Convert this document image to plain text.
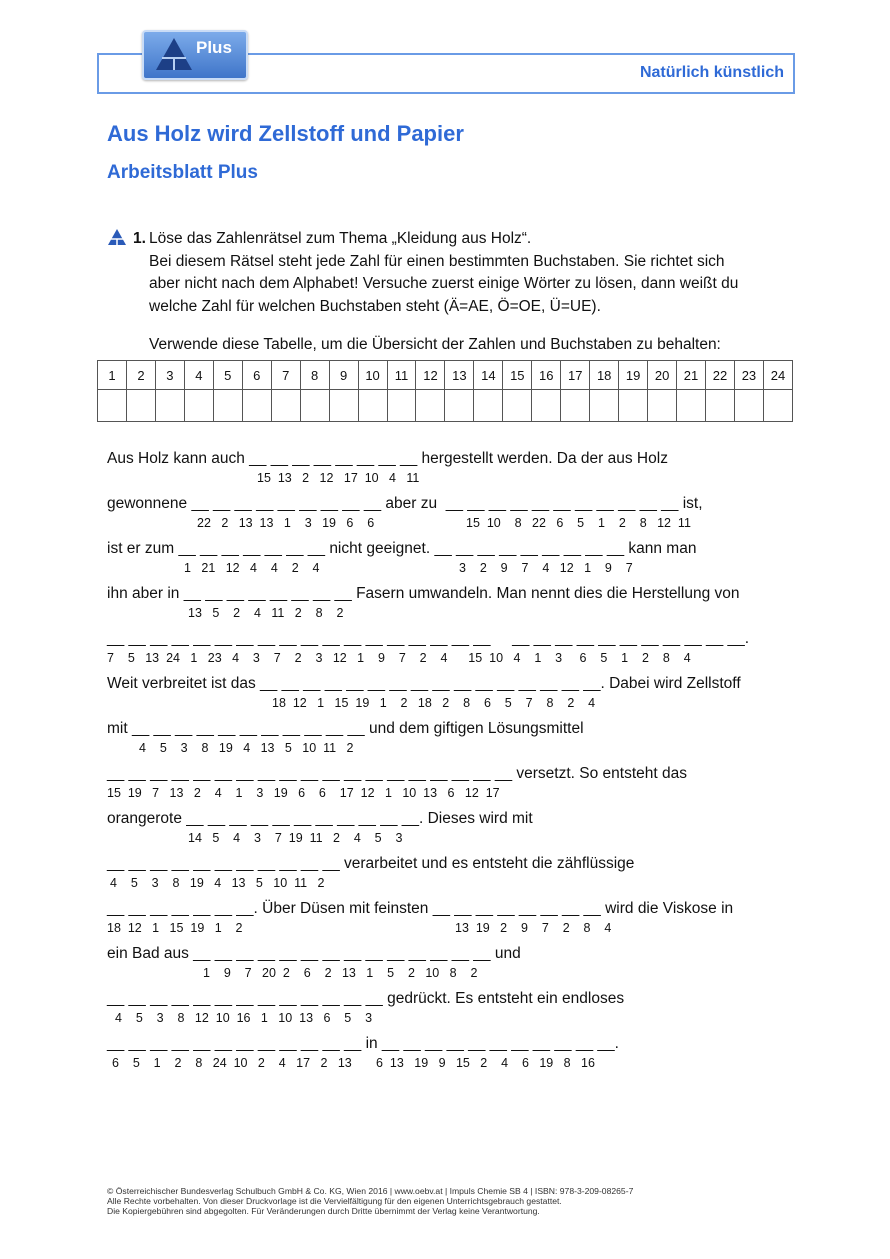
Plus
Natürlich künstlich
Aus Holz wird Zellstoff und Papier
Arbeitsblatt Plus
1. Löse das Zahlenrätsel zum Thema „Kleidung aus Holz“.
Bei diesem Rätsel steht jede Zahl für einen bestimmten Buchstaben. Sie richtet sich
aber nicht nach dem Alphabet! Versuche zuerst einige Wörter zu lösen, dann weißt du
welche Zahl für welchen Buchstaben steht (Ä=AE, Ö=OE, Ü=UE).
Verwende diese Tabelle, um die Übersicht der Zahlen und Buchstaben zu behalten:
1	2	3	4	5	6	7	8	9	10	11	12	13	14	15	16	17	18	19	20	21	22	23	24

Aus Holz kann auch __ __ __ __ __ __ __ __ hergestellt werden. Da der aus Holz
15  13   2   12   17  10   4   11
gewonnene __ __ __ __ __ __ __ __ __ aber zu  __ __ __ __ __ __ __ __ __ __ __ ist,
22   2   13  13   1    3   19   6    6	15  10    8   22   6    5    1    2    8   12  11
ist er zum __ __ __ __ __ __ __ nicht geeignet. __ __ __ __ __ __ __ __ __ kann man
1   21   12   4    4    2    4	3    2    9    7    4   12   1    9    7
ihn aber in __ __ __ __ __ __ __ __ Fasern umwandeln. Man nennt dies die Herstellung von
13   5    2    4   11   2    8    2
__ __ __ __ __ __ __ __ __ __ __ __ __ __ __ __ __ __     __ __ __ __ __ __ __ __ __ __ __.
7    5   13  24   1   23   4    3    7    2    3   12   1    9    7    2    4      15  10   4    1    3     6    5    1    2    8    4
Weit verbreitet ist das __ __ __ __ __ __ __ __ __ __ __ __ __ __ __ __. Dabei wird Zellstoff
18  12   1   15  19   1    2   18   2    8    6    5    7    8    2    4
mit __ __ __ __ __ __ __ __ __ __ __ und dem giftigen Lösungsmittel
4    5    3    8   19   4   13   5   10  11   2
__ __ __ __ __ __ __ __ __ __ __ __ __ __ __ __ __ __ __ versetzt. So entsteht das
15  19   7   13   2    4    1    3   19   6    6    17  12   1   10  13   6   12  17
orangerote __ __ __ __ __ __ __ __ __ __ __. Dieses wird mit
14   5    4    3    7  19  11   2    4    5    3
__ __ __ __ __ __ __ __ __ __ __ verarbeitet und es entsteht die zähflüssige
4    5    3    8   19   4   13   5   10  11   2
__ __ __ __ __ __ __. Über Düsen mit feinsten __ __ __ __ __ __ __ __ wird die Viskose in
18  12   1   15  19   1    2	13  19   2    9    7    2    8    4
ein Bad aus __ __ __ __ __ __ __ __ __ __ __ __ __ __ und
1    9    7   20  2    6    2   13   1    5    2   10   8    2
__ __ __ __ __ __ __ __ __ __ __ __ __ gedrückt. Es entsteht ein endloses
4    5    3    8   12  10  16   1   10  13   6    5    3
__ __ __ __ __ __ __ __ __ __ __ __ in __ __ __ __ __ __ __ __ __ __ __.
6    5    1    2    8   24  10   2    4   17   2   13       6  13   19   9   15   2    4    6   19   8   16
© Österreichischer Bundesverlag Schulbuch GmbH & Co. KG, Wien 2016 | www.oebv.at | Impuls Chemie SB 4 | ISBN: 978-3-209-08265-7
Alle Rechte vorbehalten. Von dieser Druckvorlage ist die Vervielfältigung für den eigenen Unterrichtsgebrauch gestattet.
Die Kopiergebühren sind abgegolten. Für Veränderungen durch Dritte übernimmt der Verlag keine Verantwortung.
